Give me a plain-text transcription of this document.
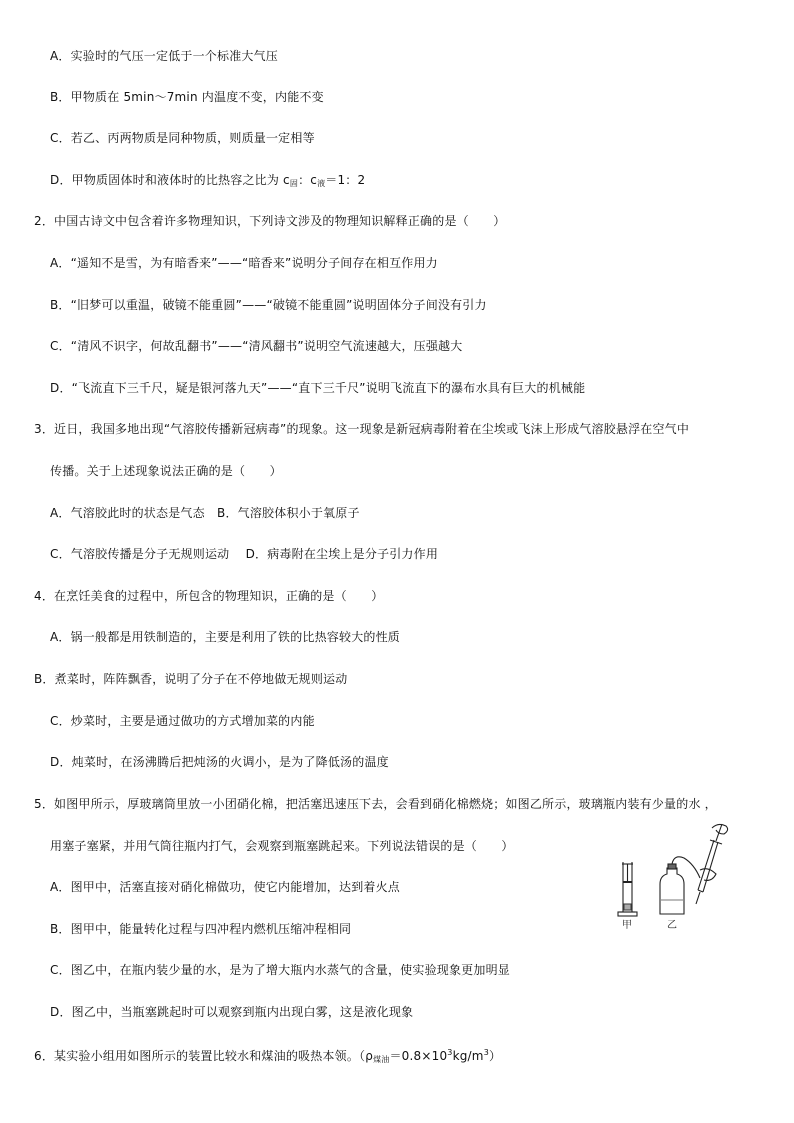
A．实验时的气压一定低于一个标准大气压
B．甲物质在 5min～7min 内温度不变，内能不变
C．若乙、丙两物质是同种物质，则质量一定相等
D．甲物质固体时和液体时的比热容之比为 $c_固$：$c_液=1$：2
2．中国古诗文中包含着许多物理知识，下列诗文涉及的物理知识解释正确的是（　　）
A．“遥知不是雪，为有暗香来”——“暗香来”说明分子间存在相互作用力
B．“旧梦可以重温，破镜不能重圆”——“破镜不能重圆”说明固体分子间没有引力
C．“清风不识字，何故乱翻书”——“清风翻书”说明空气流速越大，压强越大
D．“飞流直下三千尺，疑是银河落九天”——“直下三千尺”说明飞流直下的瀑布水具有巨大的机械能
3．近日，我国多地出现“气溶胶传播新冠病毒”的现象。这一现象是新冠病毒附着在尘埃或飞沫上形成气溶胶悬浮在空气中
传播。关于上述现象说法正确的是（　　）
A．气溶胶此时的状态是气态　B．气溶胶体积小于氧原子
C．气溶胶传播是分子无规则运动　 D．病毒附在尘埃上是分子引力作用
4．在烹饪美食的过程中，所包含的物理知识，正确的是（　　）
A．锅一般都是用铁制造的，主要是利用了铁的比热容较大的性质
B．煮菜时，阵阵飘香，说明了分子在不停地做无规则运动
C．炒菜时，主要是通过做功的方式增加菜的内能
D．炖菜时，在汤沸腾后把炖汤的火调小，是为了降低汤的温度
5．如图甲所示，厚玻璃筒里放一小团硝化棉，把活塞迅速压下去，会看到硝化棉燃烧；如图乙所示，玻璃瓶内装有少量的水 ，
用塞子塞紧，并用气筒往瓶内打气，会观察到瓶塞跳起来。下列说法错误的是（　　）
A．图甲中，活塞直接对硝化棉做功，使它内能增加，达到着火点
B．图甲中，能量转化过程与四冲程内燃机压缩冲程相同
C．图乙中，在瓶内装少量的水，是为了增大瓶内水蒸气的含量，使实验现象更加明显
D．图乙中，当瓶塞跳起时可以观察到瓶内出现白雾，这是液化现象
6．某实验小组用如图所示的装置比较水和煤油的吸热本领。$(\rho_{煤油}=0.8\times 10^3kg/m^3)$
甲	乙
